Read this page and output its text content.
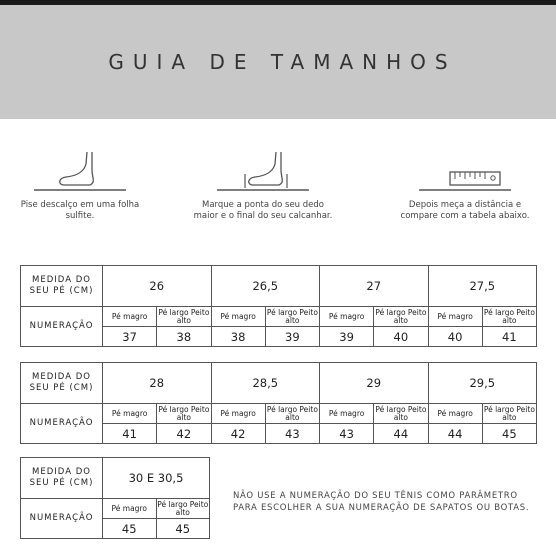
GUIA DE TAMANHOS

Pise descalço em uma folha sulfite.

Marque a ponta do seu dedo maior e o final do seu calcanhar.

Depois meça a distância e compare com a tabela abaixo.

MEDIDA DO SEU PÉ (CM)	26		26,5		27		27,5	
NUMERAÇÃO	Pé magro	Pé largo Peito alto	Pé magro	Pé largo Peito alto	Pé magro	Pé largo Peito alto	Pé magro	Pé largo Peito alto
	37	38	38	39	39	40	40	41
MEDIDA DO SEU PÉ (CM)	28		28,5		29		29,5	
NUMERAÇÃO	Pé magro	Pé largo Peito alto	Pé magro	Pé largo Peito alto	Pé magro	Pé largo Peito alto	Pé magro	Pé largo Peito alto
	41	42	42	43	43	44	44	45
MEDIDA DO SEU PÉ (CM)	30 E 30,5	
NUMERAÇÃO	Pé magro	Pé largo Peito alto
	45	45
NÃO USE A NUMERAÇÃO DO SEU TÊNIS COMO PARÂMETRO PARA ESCOLHER A SUA NUMERAÇÃO DE SAPATOS OU BOTAS.
